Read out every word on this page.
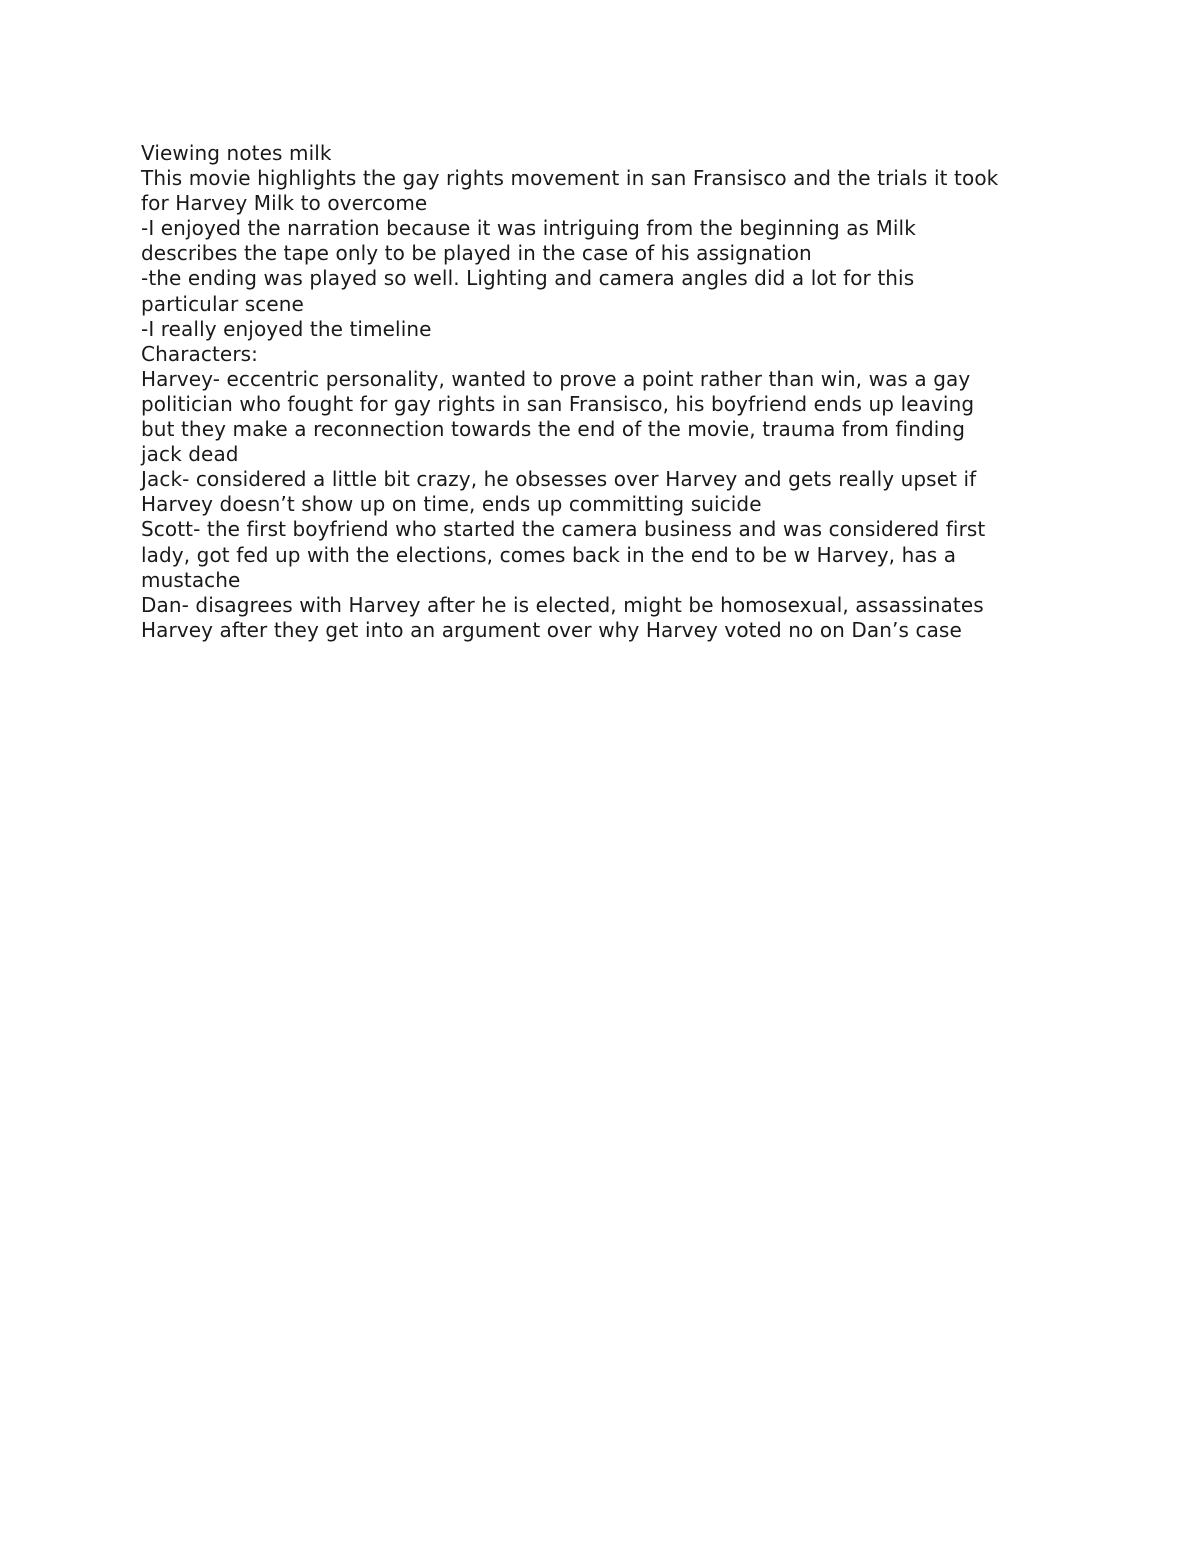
Viewing notes milk

This movie highlights the gay rights movement in san Fransisco and the trials it took

for Harvey Milk to overcome

-I enjoyed the narration because it was intriguing from the beginning as Milk

describes the tape only to be played in the case of his assignation

-the ending was played so well. Lighting and camera angles did a lot for this

particular scene

-I really enjoyed the timeline

Characters:

Harvey- eccentric personality, wanted to prove a point rather than win, was a gay

politician who fought for gay rights in san Fransisco, his boyfriend ends up leaving

but they make a reconnection towards the end of the movie, trauma from finding

jack dead

Jack- considered a little bit crazy, he obsesses over Harvey and gets really upset if

Harvey doesn’t show up on time, ends up committing suicide

Scott- the first boyfriend who started the camera business and was considered first

lady, got fed up with the elections, comes back in the end to be w Harvey, has a

mustache

Dan- disagrees with Harvey after he is elected, might be homosexual, assassinates

Harvey after they get into an argument over why Harvey voted no on Dan’s case
